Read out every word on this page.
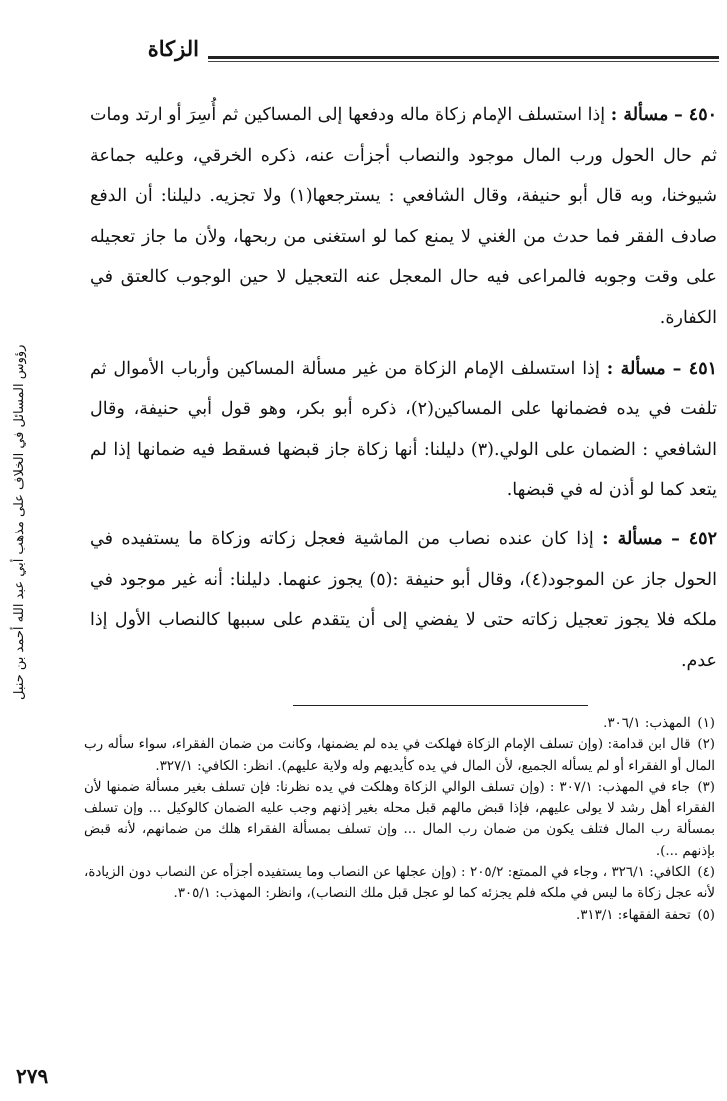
الزكاة
رؤوس المسائل في الخلاف على مذهب أبي عبد الله أحمد بن حنبل

٤٥٠ – مسألة : إذا استسلف الإمام زكاة ماله ودفعها إلى المساكين ثم أُسِرَ أو ارتد ومات ثم حال الحول ورب المال موجود والنصاب أجزأت عنه، ذكره الخرقي، وعليه جماعة شيوخنا، وبه قال أبو حنيفة، وقال الشافعي : يسترجعها(١) ولا تجزيه. دليلنا: أن الدفع صادف الفقر فما حدث من الغني لا يمنع كما لو استغنى من ربحها، ولأن ما جاز تعجيله على وقت وجوبه فالمراعى فيه حال المعجل عنه التعجيل لا حين الوجوب كالعتق في الكفارة.

٤٥١ – مسألة : إذا استسلف الإمام الزكاة من غير مسألة المساكين وأرباب الأموال ثم تلفت في يده فضمانها على المساكين(٢)، ذكره أبو بكر، وهو قول أبي حنيفة، وقال الشافعي : الضمان على الولي.(٣) دليلنا: أنها زكاة جاز قبضها فسقط فيه ضمانها إذا لم يتعد كما لو أذن له في قبضها.

٤٥٢ – مسألة : إذا كان عنده نصاب من الماشية فعجل زكاته وزكاة ما يستفيده في الحول جاز عن الموجود(٤)، وقال أبو حنيفة :(٥) يجوز عنهما. دليلنا: أنه غير موجود في ملكه فلا يجوز تعجيل زكاته حتى لا يفضي إلى أن يتقدم على سببها كالنصاب الأول إذا عدم.

(١) المهذب: ٣٠٦/١.

(٢) قال ابن قدامة: (وإن تسلف الإمام الزكاة فهلكت في يده لم يضمنها، وكانت من ضمان الفقراء، سواء سأله رب المال أو الفقراء أو لم يسأله الجميع، لأن المال في يده كأيديهم وله ولاية عليهم). انظر: الكافي: ٣٢٧/١.

(٣) جاء في المهذب: ٣٠٧/١ : (وإن تسلف الوالي الزكاة وهلكت في يده نظرنا: فإن تسلف بغير مسألة ضمنها لأن الفقراء أهل رشد لا يولى عليهم، فإذا قبض مالهم قبل محله بغير إذنهم وجب عليه الضمان كالوكيل ... وإن تسلف بمسألة رب المال فتلف يكون من ضمان رب المال ... وإن تسلف بمسألة الفقراء هلك من ضمانهم، لأنه قبض بإذنهم ...).

(٤) الكافي: ٣٢٦/١ ، وجاء في الممتع: ٢٠٥/٢ : (وإن عجلها عن النصاب وما يستفيده أجزأه عن النصاب دون الزيادة، لأنه عجل زكاة ما ليس في ملكه فلم يجزئه كما لو عجل قبل ملك النصاب)، وانظر: المهذب: ٣٠٥/١.

(٥) تحفة الفقهاء: ٣١٣/١.

٢٧٩
